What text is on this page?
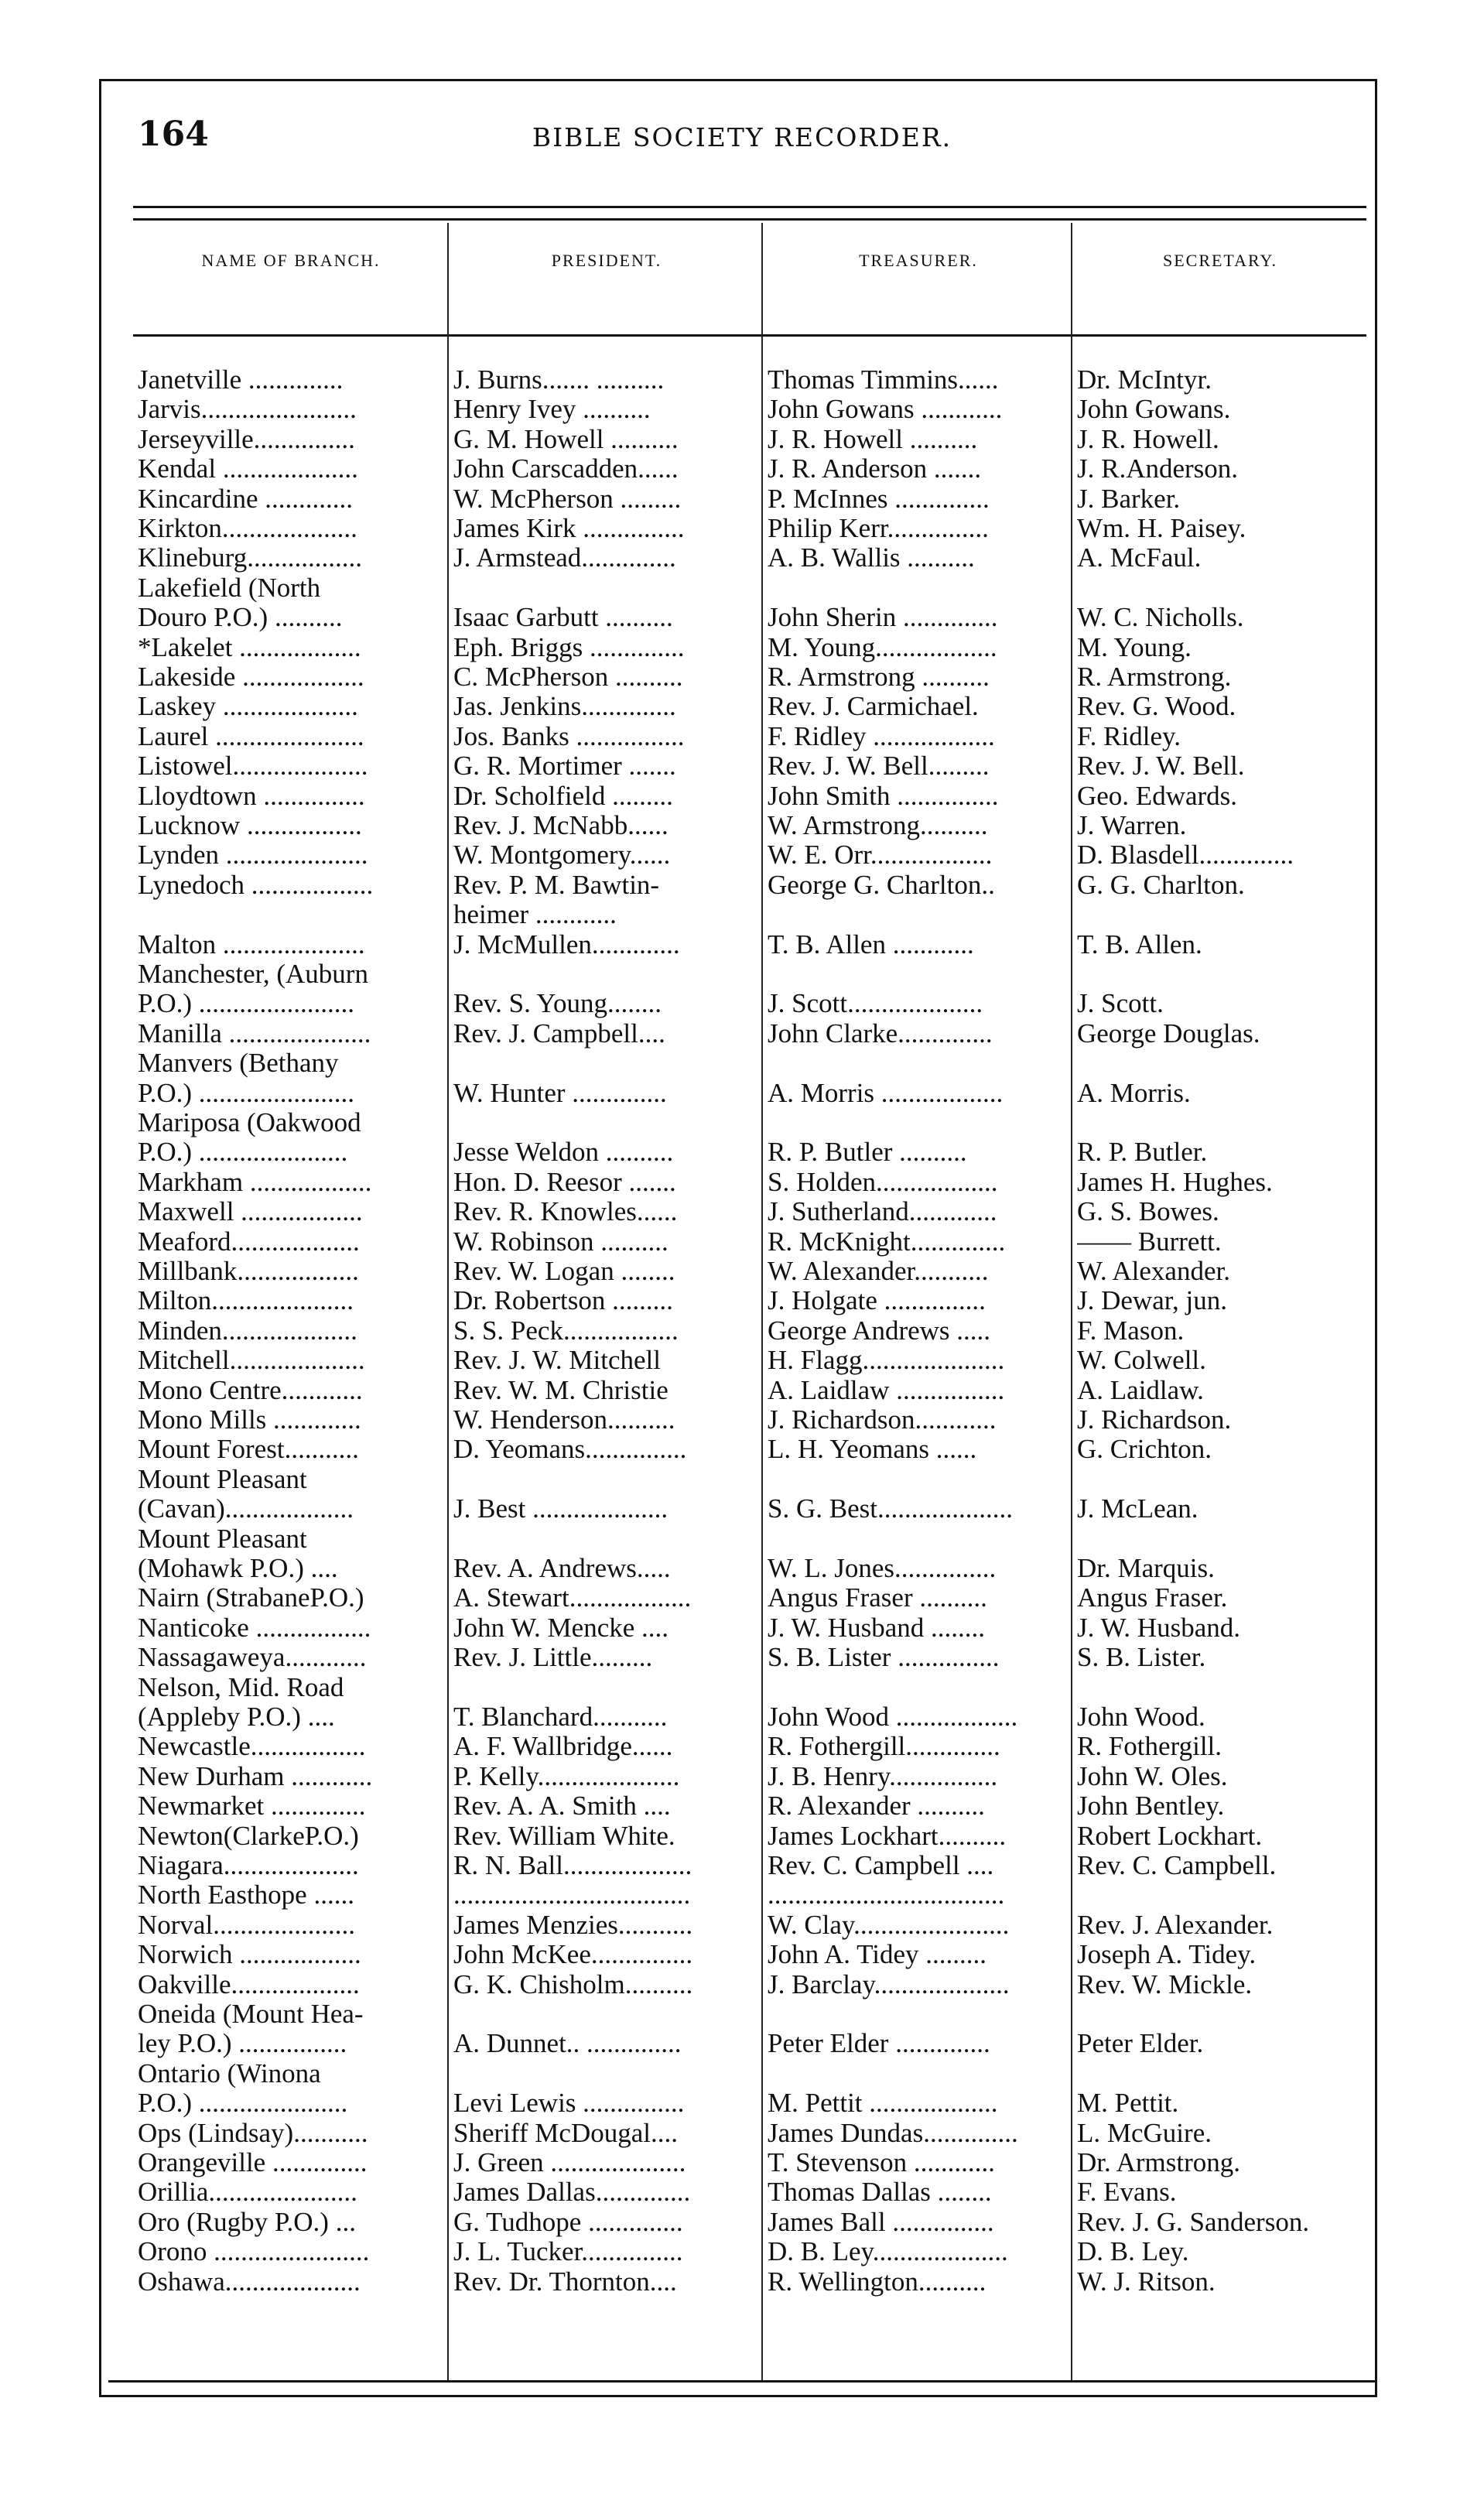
164	BIBLE SOCIETY RECORDER.
NAME OF BRANCH.	PRESIDENT.	TREASURER.	SECRETARY.
Janetville ..............	J. Burns....... ..........	Thomas Timmins......	Dr. McIntyr.
Jarvis.......................	Henry Ivey ..........	John Gowans ............	John Gowans.
Jerseyville...............	G. M. Howell ..........	J. R. Howell ..........	J. R. Howell.
Kendal ....................	John Carscadden......	J. R. Anderson .......	J. R.Anderson.
Kincardine .............	W. McPherson .........	P. McInnes ..............	J. Barker.
Kirkton....................	James Kirk ...............	Philip Kerr...............	Wm. H. Paisey.
Klineburg.................	J. Armstead..............	A. B. Wallis ..........	A. McFaul.
Lakefield (North
Douro P.O.) ..........	Isaac Garbutt ..........	John Sherin ..............	W. C. Nicholls.
*Lakelet ..................	Eph. Briggs ..............	M. Young..................	M. Young.
Lakeside ..................	C. McPherson ..........	R. Armstrong ..........	R. Armstrong.
Laskey ....................	Jas. Jenkins..............	Rev. J. Carmichael.	Rev. G. Wood.
Laurel ......................	Jos. Banks ................	F. Ridley ..................	F. Ridley.
Listowel....................	G. R. Mortimer .......	Rev. J. W. Bell.........	Rev. J. W. Bell.
Lloydtown ...............	Dr. Scholfield .........	John Smith ...............	Geo. Edwards.
Lucknow .................	Rev. J. McNabb......	W. Armstrong..........	J. Warren.
Lynden .....................	W. Montgomery......	W. E. Orr..................	D. Blasdell..............
Lynedoch ..................	Rev. P. M. Bawtin-	George G. Charlton..	G. G. Charlton.
heimer ............
Malton .....................	J. McMullen.............	T. B. Allen ............	T. B. Allen.
Manchester, (Auburn
P.O.) .......................	Rev. S. Young........	J. Scott....................	J. Scott.
Manilla .....................	Rev. J. Campbell....	John Clarke..............	George Douglas.
Manvers (Bethany
P.O.) .......................	W. Hunter ..............	A. Morris ..................	A. Morris.
Mariposa (Oakwood
P.O.) ......................	Jesse Weldon ..........	R. P. Butler ..........	R. P. Butler.
Markham ..................	Hon. D. Reesor .......	S. Holden..................	James H. Hughes.
Maxwell ..................	Rev. R. Knowles......	J. Sutherland.............	G. S. Bowes.
Meaford...................	W. Robinson ..........	R. McKnight..............	—— Burrett.
Millbank..................	Rev. W. Logan ........	W. Alexander...........	W. Alexander.
Milton.....................	Dr. Robertson .........	J. Holgate ...............	J. Dewar, jun.
Minden....................	S. S. Peck.................	George Andrews .....	F. Mason.
Mitchell....................	Rev. J. W. Mitchell	H. Flagg.....................	W. Colwell.
Mono Centre............	Rev. W. M. Christie	A. Laidlaw ................	A. Laidlaw.
Mono Mills .............	W. Henderson..........	J. Richardson............	J. Richardson.
Mount Forest...........	D. Yeomans...............	L. H. Yeomans ......	G. Crichton.
Mount Pleasant
(Cavan)...................	J. Best ....................	S. G. Best....................	J. McLean.
Mount Pleasant
(Mohawk P.O.) ....	Rev. A. Andrews.....	W. L. Jones...............	Dr. Marquis.
Nairn (StrabaneP.O.)	A. Stewart..................	Angus Fraser ..........	Angus Fraser.
Nanticoke .................	John W. Mencke ....	J. W. Husband ........	J. W. Husband.
Nassagaweya............	Rev. J. Little.........	S. B. Lister ...............	S. B. Lister.
Nelson, Mid. Road
(Appleby P.O.) ....	T. Blanchard...........	John Wood ..................	John Wood.
Newcastle.................	A. F. Wallbridge......	R. Fothergill..............	R. Fothergill.
New Durham ............	P. Kelly.....................	J. B. Henry................	John W. Oles.
Newmarket ..............	Rev. A. A. Smith ....	R. Alexander ..........	John Bentley.
Newton(ClarkeP.O.)	Rev. William White.	James Lockhart..........	Robert Lockhart.
Niagara....................	R. N. Ball...................	Rev. C. Campbell ....	Rev. C. Campbell.
North Easthope ......	...................................	...................................
Norval.....................	James Menzies...........	W. Clay.......................	Rev. J. Alexander.
Norwich ..................	John McKee...............	John A. Tidey .........	Joseph A. Tidey.
Oakville...................	G. K. Chisholm..........	J. Barclay....................	Rev. W. Mickle.
Oneida (Mount Hea-
ley P.O.) ................	A. Dunnet.. ..............	Peter Elder ..............	Peter Elder.
Ontario (Winona
P.O.) ......................	Levi Lewis ...............	M. Pettit ...................	M. Pettit.
Ops (Lindsay)...........	Sheriff McDougal....	James Dundas..............	L. McGuire.
Orangeville ..............	J. Green ....................	T. Stevenson ............	Dr. Armstrong.
Orillia......................	James Dallas..............	Thomas Dallas ........	F. Evans.
Oro (Rugby P.O.) ...	G. Tudhope ..............	James Ball ...............	Rev. J. G. Sanderson.
Orono .......................	J. L. Tucker...............	D. B. Ley....................	D. B. Ley.
Oshawa....................	Rev. Dr. Thornton....	R. Wellington..........	W. J. Ritson.
